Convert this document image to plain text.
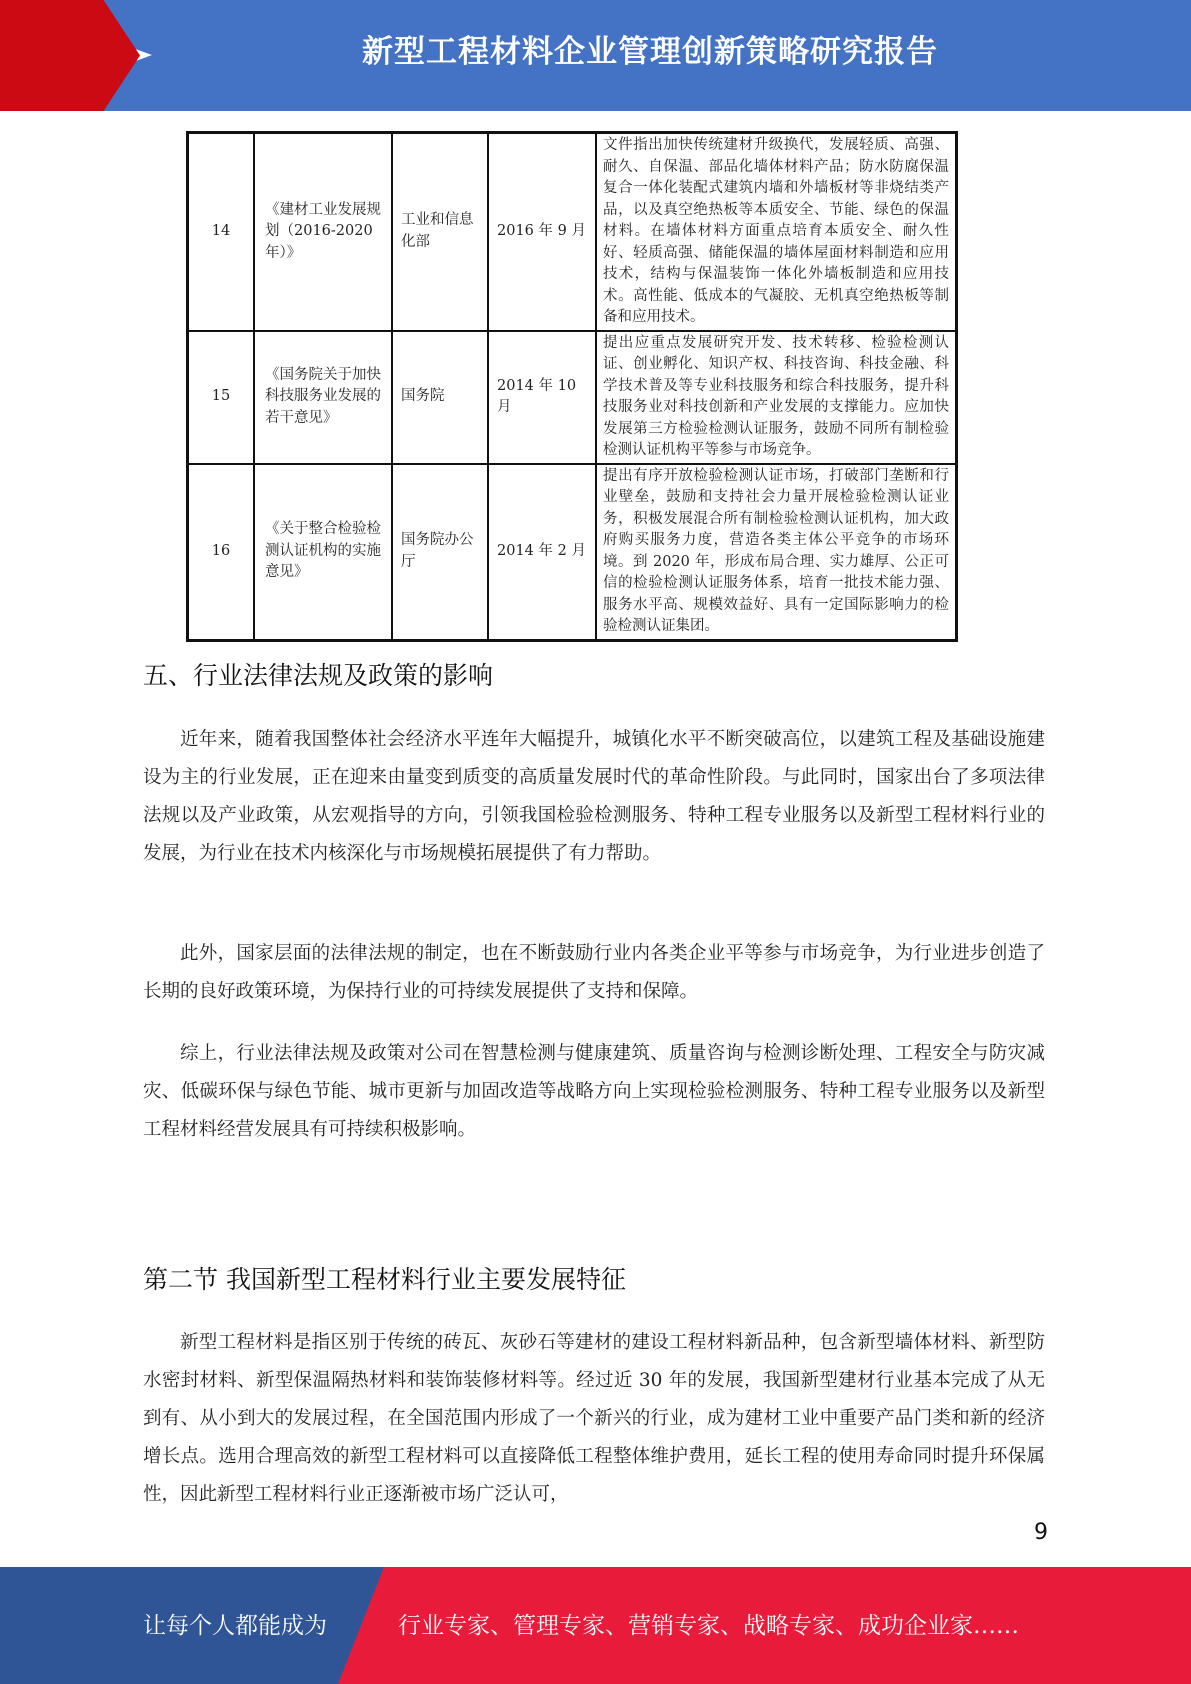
新型工程材料企业管理创新策略研究报告
14	《建材工业发展规划（2016-2020年）》	工业和信息化部	2016 年 9 月	文件指出加快传统建材升级换代，发展轻质、高强、耐久、自保温、部品化墙体材料产品；防水防腐保温复合一体化装配式建筑内墙和外墙板材等非烧结类产品，以及真空绝热板等本质安全、节能、绿色的保温材料。在墙体材料方面重点培育本质安全、耐久性好、轻质高强、储能保温的墙体屋面材料制造和应用技术，结构与保温装饰一体化外墙板制造和应用技术。高性能、低成本的气凝胶、无机真空绝热板等制备和应用技术。
15	《国务院关于加快科技服务业发展的若干意见》	国务院	2014 年 10 月	提出应重点发展研究开发、技术转移、检验检测认证、创业孵化、知识产权、科技咨询、科技金融、科学技术普及等专业科技服务和综合科技服务，提升科技服务业对科技创新和产业发展的支撑能力。应加快发展第三方检验检测认证服务，鼓励不同所有制检验检测认证机构平等参与市场竞争。
16	《关于整合检验检测认证机构的实施意见》	国务院办公厅	2014 年 2 月	提出有序开放检验检测认证市场，打破部门垄断和行业壁垒，鼓励和支持社会力量开展检验检测认证业务，积极发展混合所有制检验检测认证机构，加大政府购买服务力度，营造各类主体公平竞争的市场环境。到 2020 年，形成布局合理、实力雄厚、公正可信的检验检测认证服务体系，培育一批技术能力强、服务水平高、规模效益好、具有一定国际影响力的检验检测认证集团。
五、行业法律法规及政策的影响

近年来，随着我国整体社会经济水平连年大幅提升，城镇化水平不断突破高位，以建筑工程及基础设施建设为主的行业发展，正在迎来由量变到质变的高质量发展时代的革命性阶段。与此同时，国家出台了多项法律法规以及产业政策，从宏观指导的方向，引领我国检验检测服务、特种工程专业服务以及新型工程材料行业的发展，为行业在技术内核深化与市场规模拓展提供了有力帮助。

此外，国家层面的法律法规的制定，也在不断鼓励行业内各类企业平等参与市场竞争，为行业进步创造了长期的良好政策环境，为保持行业的可持续发展提供了支持和保障。

综上，行业法律法规及政策对公司在智慧检测与健康建筑、质量咨询与检测诊断处理、工程安全与防灾减灾、低碳环保与绿色节能、城市更新与加固改造等战略方向上实现检验检测服务、特种工程专业服务以及新型工程材料经营发展具有可持续积极影响。

第二节 我国新型工程材料行业主要发展特征

新型工程材料是指区别于传统的砖瓦、灰砂石等建材的建设工程材料新品种，包含新型墙体材料、新型防水密封材料、新型保温隔热材料和装饰装修材料等。经过近 30 年的发展，我国新型建材行业基本完成了从无到有、从小到大的发展过程，在全国范围内形成了一个新兴的行业，成为建材工业中重要产品门类和新的经济增长点。选用合理高效的新型工程材料可以直接降低工程整体维护费用，延长工程的使用寿命同时提升环保属性，因此新型工程材料行业正逐渐被市场广泛认可，

9
让每个人都能成为	行业专家、管理专家、营销专家、战略专家、成功企业家……
